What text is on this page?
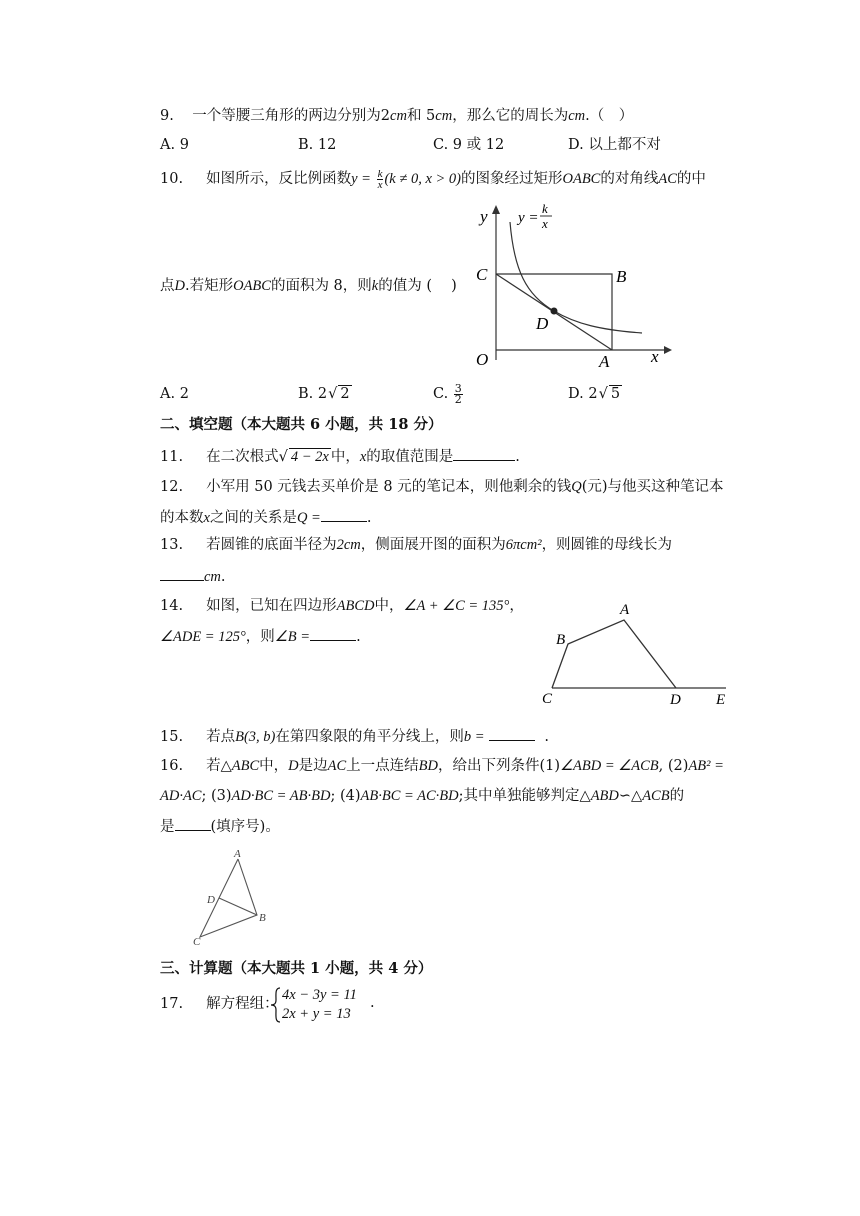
9. 一个等腰三角形的两边分别为2cm和 5cm，那么它的周长为cm.（　）
A. 9	B. 12	C. 9 或 12	D. 以上都不对
10. 如图所示，反比例函数$y = \frac{k}{x} (k \ne 0$, x > 0)的图象经过矩形OABC的对角线AC的中
点D.若矩形OABC的面积为 8，则k的值为 (　 )
y y =
k
x
C	B
D
O	A x
A. 2	B. 2√ 2	C. $\frac{3}{2}$	D. 2√ 5
二、填空题（本大题共 6 小题，共 18 分）
11. 在二次根式√ 4 − 2x 中，x的取值范围是	.
12. 小军用 50 元钱去买单价是 8 元的笔记本，则他剩余的钱Q(元)与他买这种笔记本
的本数x之间的关系是Q =	.
13. 若圆锥的底面半径为2cm，侧面展开图的面积为6πcm²，则圆锥的母线长为
cm.
14. 如图，已知在四边形ABCD中，∠A + ∠C = 135°，
∠ADE = 125°，则∠B =	.
A
B
C	D E
15. 若点B(3, b)在第四象限的角平分线上，则b =	.
16. 若△ABC中，D是边AC上一点连结BD，给出下列条件(1)∠ABD = ∠ACB, (2)AB² =
AD·AC; (3)AD·BC = AB·BD; (4)AB·BC = AC·BD;其中单独能够判定△ABD∽△ACB的
是 (填序号)。
A
D
B
C
三、计算题（本大题共 1 小题，共 4 分）
17. 解方程组：
4x − 3y = 11
2x + y = 13
.
